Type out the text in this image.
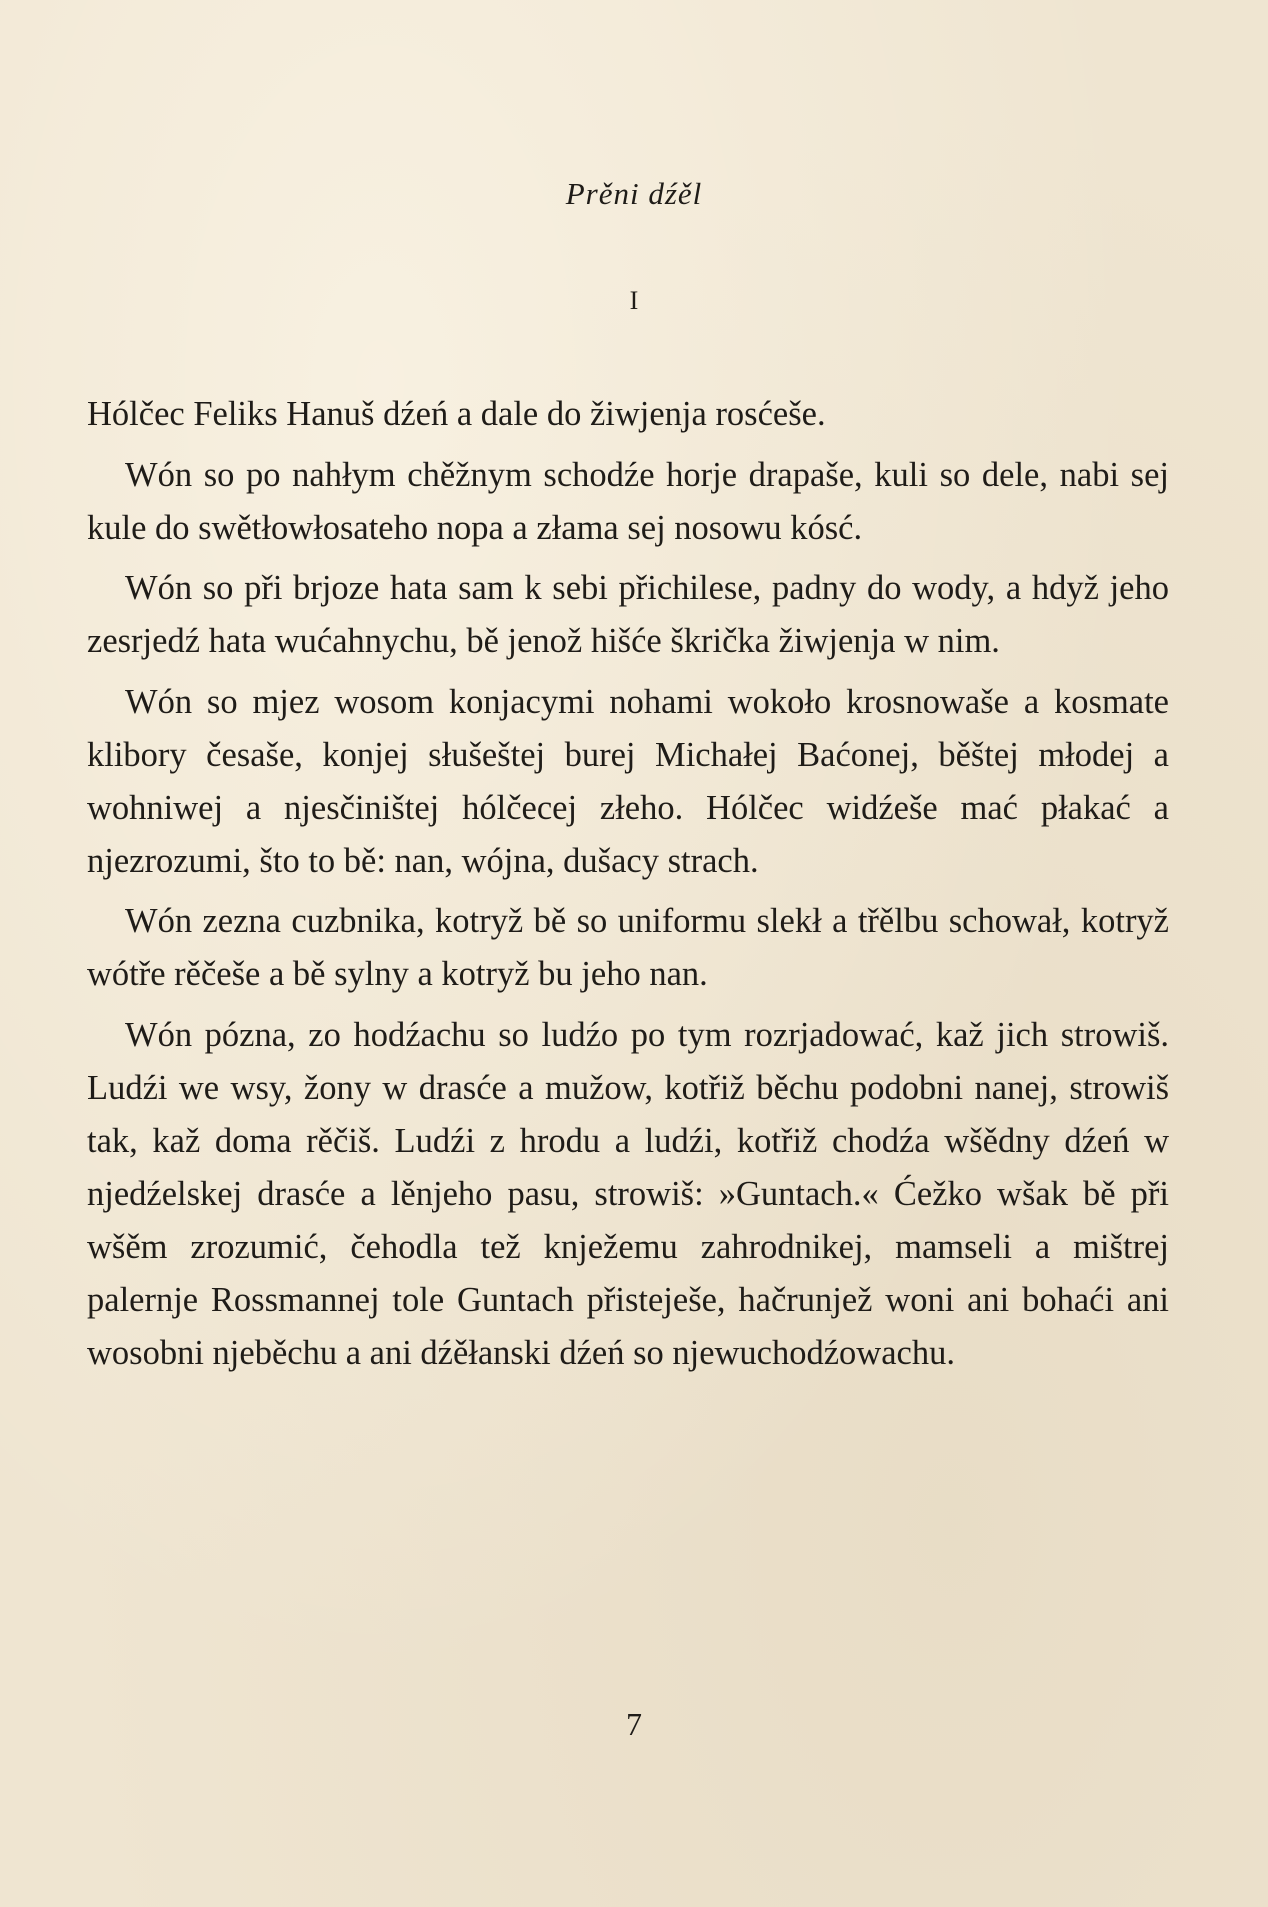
Prěni dźěl
I

Hólčec Feliks Hanuš dźeń a dale do žiwjenja rosćeše.

Wón so po nahłym chěžnym schodźe horje drapaše, kuli so dele, nabi sej kule do swětłowłosateho nopa a złama sej nosowu kósć.

Wón so při brjoze hata sam k sebi přichilese, padny do wody, a hdyž jeho zesrjedź hata wućahnychu, bě jenož hišće škrička žiwjenja w nim.

Wón so mjez wosom konjacymi nohami wokoło krosnowaše a kosmate klibory česaše, konjej słušeštej burej Michałej Baćonej, běštej młodej a wohniwej a njesčiništej hólčecej złeho. Hólčec widźeše mać płakać a njezrozumi, što to bě: nan, wójna, dušacy strach.

Wón zezna cuzbnika, kotryž bě so uniformu slekł a třělbu schował, kotryž wótře rěčeše a bě sylny a kotryž bu jeho nan.

Wón pózna, zo hodźachu so ludźo po tym rozrjadować, kaž jich strowiš. Ludźi we wsy, žony w drasće a mužow, kotřiž běchu podobni nanej, strowiš tak, kaž doma rěčiš. Ludźi z hrodu a ludźi, kotřiž chodźa wšědny dźeń w njedźelskej drasće a lěnjeho pasu, strowiš: »Guntach.« Ćežko wšak bě při wšěm zrozumić, čehodla tež knježemu zahrodnikej, mamseli a mištrej palernje Rossmannej tole Guntach přisteješe, hačrunjež woni ani bohaći ani wosobni njeběchu a ani dźěłanski dźeń so njewuchodźowachu.

7
